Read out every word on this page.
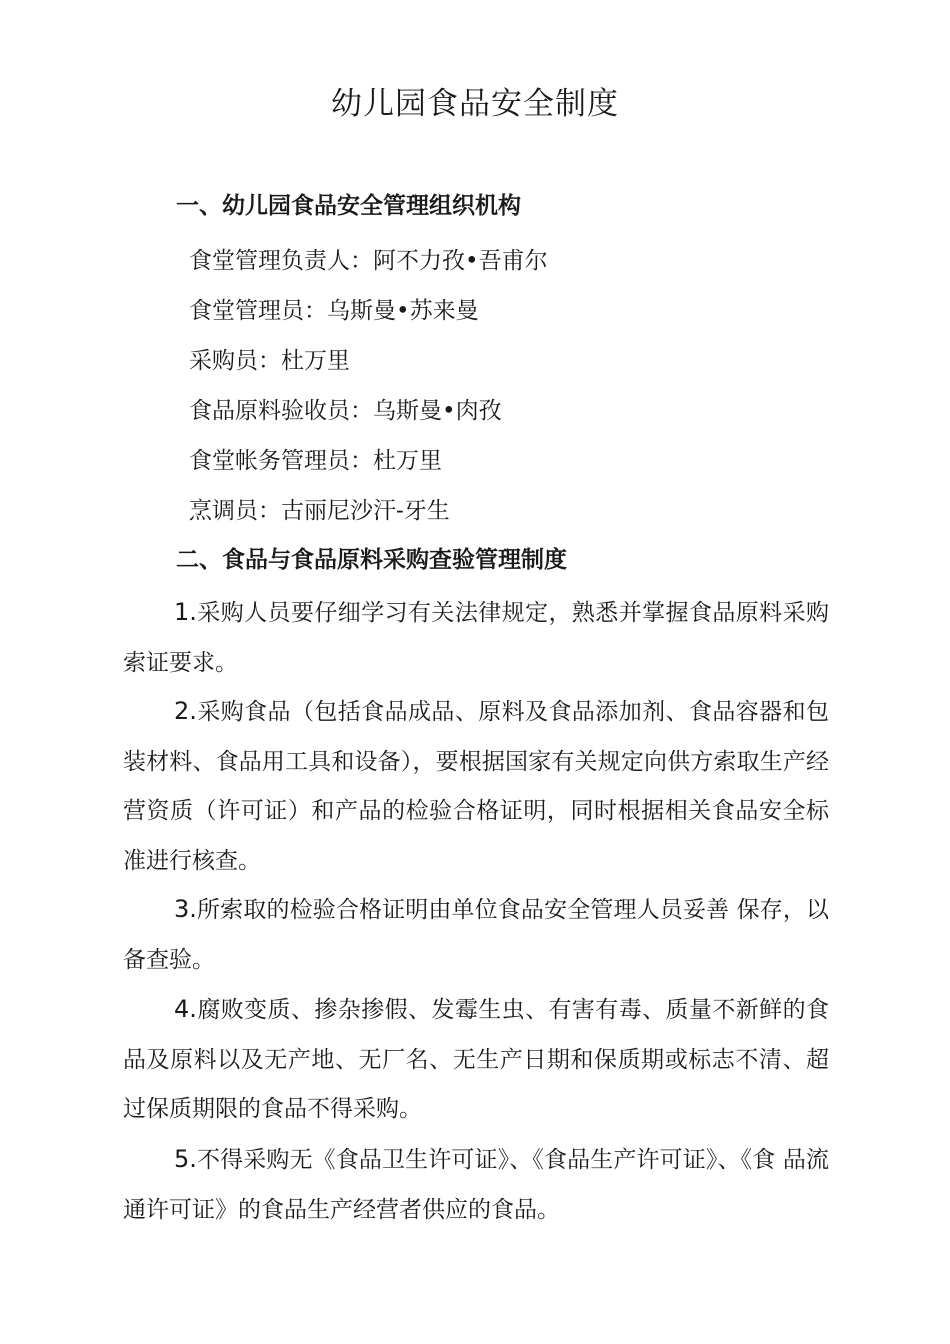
幼儿园食品安全制度
一、幼儿园食品安全管理组织机构
食堂管理负责人：阿不力孜•吾甫尔
食堂管理员：乌斯曼•苏来曼
采购员：杜万里
食品原料验收员：乌斯曼•肉孜
食堂帐务管理员：杜万里
烹调员：古丽尼沙汗-牙生
二、食品与食品原料采购查验管理制度

1.采购人员要仔细学习有关法律规定，熟悉并掌握食品原料采购索证要求。

2.采购食品（包括食品成品、原料及食品添加剂、食品容器和包装材料、食品用工具和设备），要根据国家有关规定向供方索取生产经营资质（许可证）和产品的检验合格证明，同时根据相关食品安全标准进行核查。

3.所索取的检验合格证明由单位食品安全管理人员妥善 保存，以备查验。

4.腐败变质、掺杂掺假、发霉生虫、有害有毒、质量不新鲜的食品及原料以及无产地、无厂名、无生产日期和保质期或标志不清、超过保质期限的食品不得采购。

5.不得采购无《食品卫生许可证》、《食品生产许可证》、《食 品流通许可证》的食品生产经营者供应的食品。
